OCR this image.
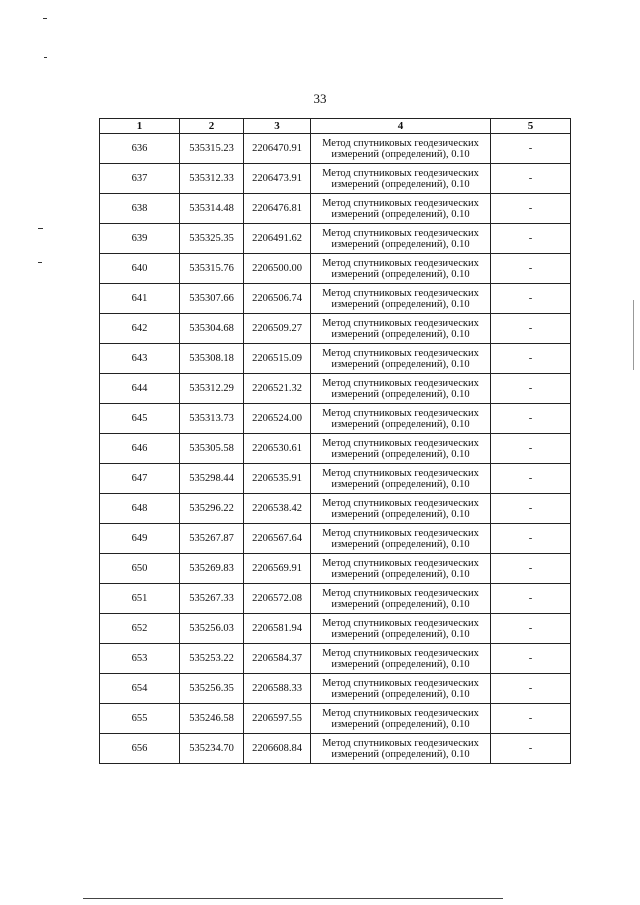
33
1	2	3	4	5
636	535315.23	2206470.91	Метод спутниковых геодезических
измерений (определений), 0.10	-
637	535312.33	2206473.91	Метод спутниковых геодезических
измерений (определений), 0.10	-
638	535314.48	2206476.81	Метод спутниковых геодезических
измерений (определений), 0.10	-
639	535325.35	2206491.62	Метод спутниковых геодезических
измерений (определений), 0.10	-
640	535315.76	2206500.00	Метод спутниковых геодезических
измерений (определений), 0.10	-
641	535307.66	2206506.74	Метод спутниковых геодезических
измерений (определений), 0.10	-
642	535304.68	2206509.27	Метод спутниковых геодезических
измерений (определений), 0.10	-
643	535308.18	2206515.09	Метод спутниковых геодезических
измерений (определений), 0.10	-
644	535312.29	2206521.32	Метод спутниковых геодезических
измерений (определений), 0.10	-
645	535313.73	2206524.00	Метод спутниковых геодезических
измерений (определений), 0.10	-
646	535305.58	2206530.61	Метод спутниковых геодезических
измерений (определений), 0.10	-
647	535298.44	2206535.91	Метод спутниковых геодезических
измерений (определений), 0.10	-
648	535296.22	2206538.42	Метод спутниковых геодезических
измерений (определений), 0.10	-
649	535267.87	2206567.64	Метод спутниковых геодезических
измерений (определений), 0.10	-
650	535269.83	2206569.91	Метод спутниковых геодезических
измерений (определений), 0.10	-
651	535267.33	2206572.08	Метод спутниковых геодезических
измерений (определений), 0.10	-
652	535256.03	2206581.94	Метод спутниковых геодезических
измерений (определений), 0.10	-
653	535253.22	2206584.37	Метод спутниковых геодезических
измерений (определений), 0.10	-
654	535256.35	2206588.33	Метод спутниковых геодезических
измерений (определений), 0.10	-
655	535246.58	2206597.55	Метод спутниковых геодезических
измерений (определений), 0.10	-
656	535234.70	2206608.84	Метод спутниковых геодезических
измерений (определений), 0.10	-
